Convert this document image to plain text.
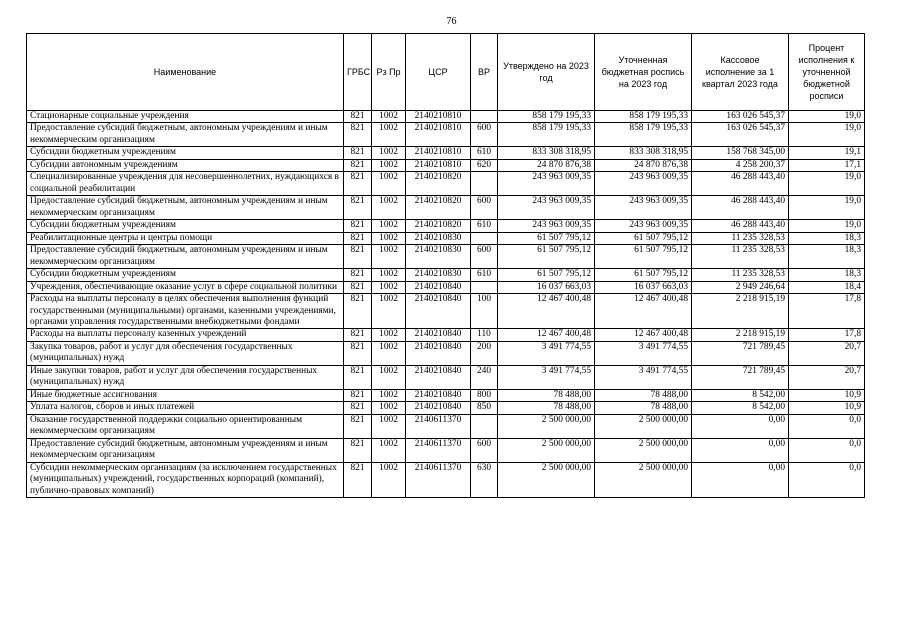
76
Наименование	ГРБС	Рз Пр	ЦСР	ВР	Утверждено на 2023 год	Уточненная бюджетная роспись на 2023 год	Кассовое исполнение за 1 квартал 2023 года	Процент исполнения к уточненной бюджетной росписи
Стационарные социальные учреждения	821	1002	2140210810		858 179 195,33	858 179 195,33	163 026 545,37	19,0
Предоставление субсидий бюджетным, автономным учреждениям и иным некоммерческим организациям	821	1002	2140210810	600	858 179 195,33	858 179 195,33	163 026 545,37	19,0
Субсидии бюджетным учреждениям	821	1002	2140210810	610	833 308 318,95	833 308 318,95	158 768 345,00	19,1
Субсидии автономным учреждениям	821	1002	2140210810	620	24 870 876,38	24 870 876,38	4 258 200,37	17,1
Специализированные учреждения для несовершеннолетних, нуждающихся в социальной реабилитации	821	1002	2140210820		243 963 009,35	243 963 009,35	46 288 443,40	19,0
Предоставление субсидий бюджетным, автономным учреждениям и иным некоммерческим организациям	821	1002	2140210820	600	243 963 009,35	243 963 009,35	46 288 443,40	19,0
Субсидии бюджетным учреждениям	821	1002	2140210820	610	243 963 009,35	243 963 009,35	46 288 443,40	19,0
Реабилитационные центры и центры помощи	821	1002	2140210830		61 507 795,12	61 507 795,12	11 235 328,53	18,3
Предоставление субсидий бюджетным, автономным учреждениям и иным некоммерческим организациям	821	1002	2140210830	600	61 507 795,12	61 507 795,12	11 235 328,53	18,3
Субсидии бюджетным учреждениям	821	1002	2140210830	610	61 507 795,12	61 507 795,12	11 235 328,53	18,3
Учреждения, обеспечивающие оказание услуг в сфере социальной политики	821	1002	2140210840		16 037 663,03	16 037 663,03	2 949 246,64	18,4
Расходы на выплаты персоналу в целях обеспечения выполнения функций государственными (муниципальными) органами, казенными учреждениями, органами управления государственными внебюджетными фондами	821	1002	2140210840	100	12 467 400,48	12 467 400,48	2 218 915,19	17,8
Расходы на выплаты персоналу казенных учреждений	821	1002	2140210840	110	12 467 400,48	12 467 400,48	2 218 915,19	17,8
Закупка товаров, работ и услуг для обеспечения государственных (муниципальных) нужд	821	1002	2140210840	200	3 491 774,55	3 491 774,55	721 789,45	20,7
Иные закупки товаров, работ и услуг для обеспечения государственных (муниципальных) нужд	821	1002	2140210840	240	3 491 774,55	3 491 774,55	721 789,45	20,7
Иные бюджетные ассигнования	821	1002	2140210840	800	78 488,00	78 488,00	8 542,00	10,9
Уплата налогов, сборов и иных платежей	821	1002	2140210840	850	78 488,00	78 488,00	8 542,00	10,9
Оказание государственной поддержки социально ориентированным некоммерческим организациям	821	1002	2140611370		2 500 000,00	2 500 000,00	0,00	0,0
Предоставление субсидий бюджетным, автономным учреждениям и иным некоммерческим организациям	821	1002	2140611370	600	2 500 000,00	2 500 000,00	0,00	0,0
Субсидии некоммерческим организациям (за исключением государственных (муниципальных) учреждений, государственных корпораций (компаний), публично-правовых компаний)	821	1002	2140611370	630	2 500 000,00	2 500 000,00	0,00	0,0
